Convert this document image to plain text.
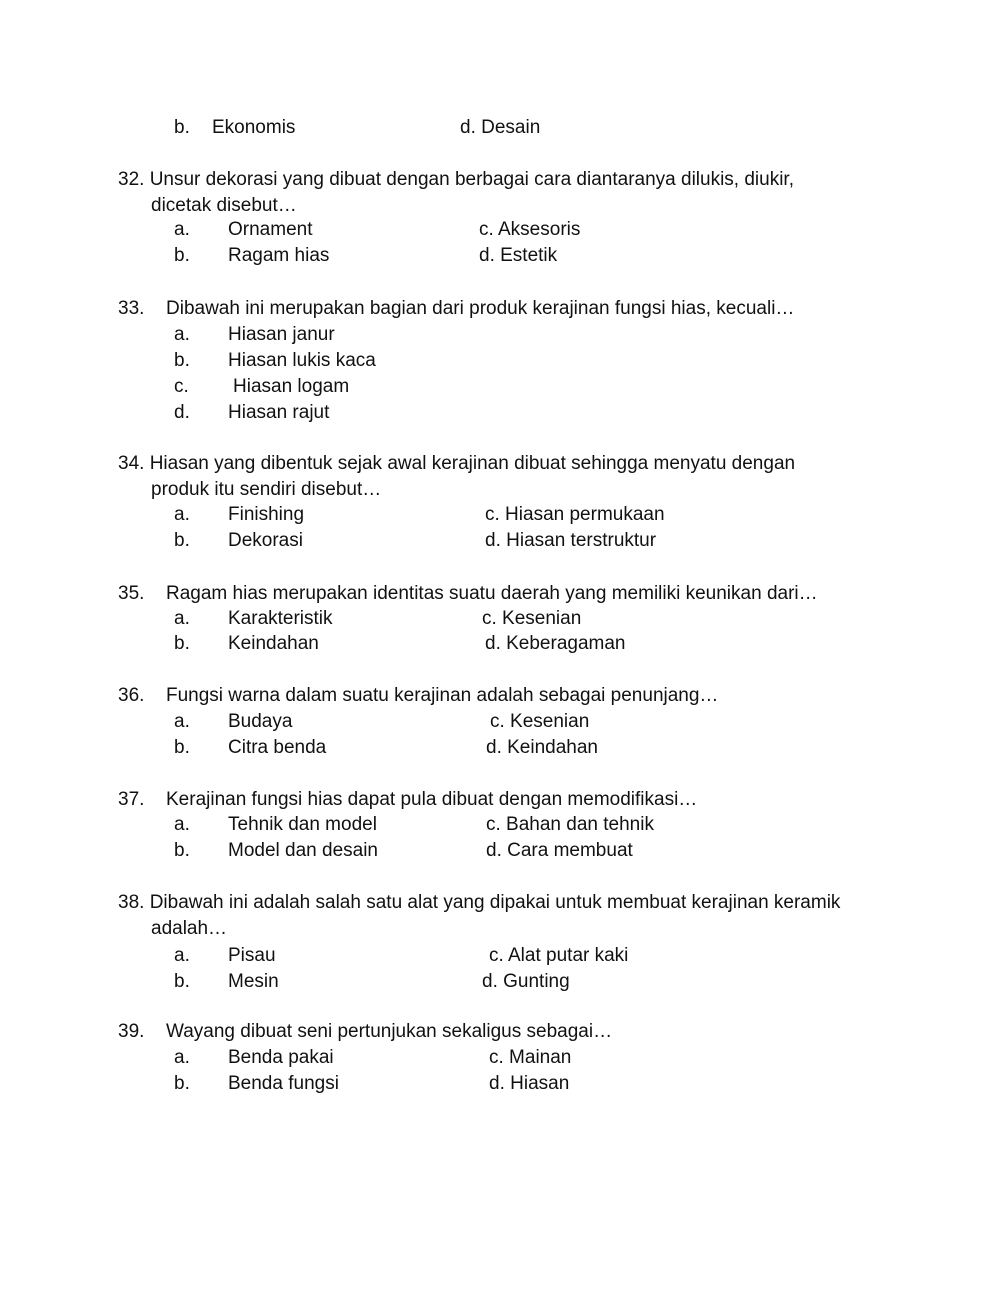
b. Ekonomis	d. Desain
32. Unsur dekorasi yang dibuat dengan berbagai cara diantaranya dilukis, diukir,
dicetak disebut…
a. Ornament	c. Aksesoris
b. Ragam hias	d. Estetik
33. Dibawah ini merupakan bagian dari produk kerajinan fungsi hias, kecuali…
a. Hiasan janur
b. Hiasan lukis kaca
c. Hiasan logam
d. Hiasan rajut
34. Hiasan yang dibentuk sejak awal kerajinan dibuat sehingga menyatu dengan
produk itu sendiri disebut…
a. Finishing	c. Hiasan permukaan
b. Dekorasi	d. Hiasan terstruktur
35. Ragam hias merupakan identitas suatu daerah yang memiliki keunikan dari…
a. Karakteristik	c. Kesenian
b. Keindahan	d. Keberagaman
36. Fungsi warna dalam suatu kerajinan adalah sebagai penunjang…
a. Budaya	c. Kesenian
b. Citra benda	d. Keindahan
37. Kerajinan fungsi hias dapat pula dibuat dengan memodifikasi…
a. Tehnik dan model	c. Bahan dan tehnik
b. Model dan desain	d. Cara membuat
38. Dibawah ini adalah salah satu alat yang dipakai untuk membuat kerajinan keramik
adalah…
a. Pisau	c. Alat putar kaki
b. Mesin	d. Gunting
39. Wayang dibuat seni pertunjukan sekaligus sebagai…
a. Benda pakai	c. Mainan
b. Benda fungsi	d. Hiasan
